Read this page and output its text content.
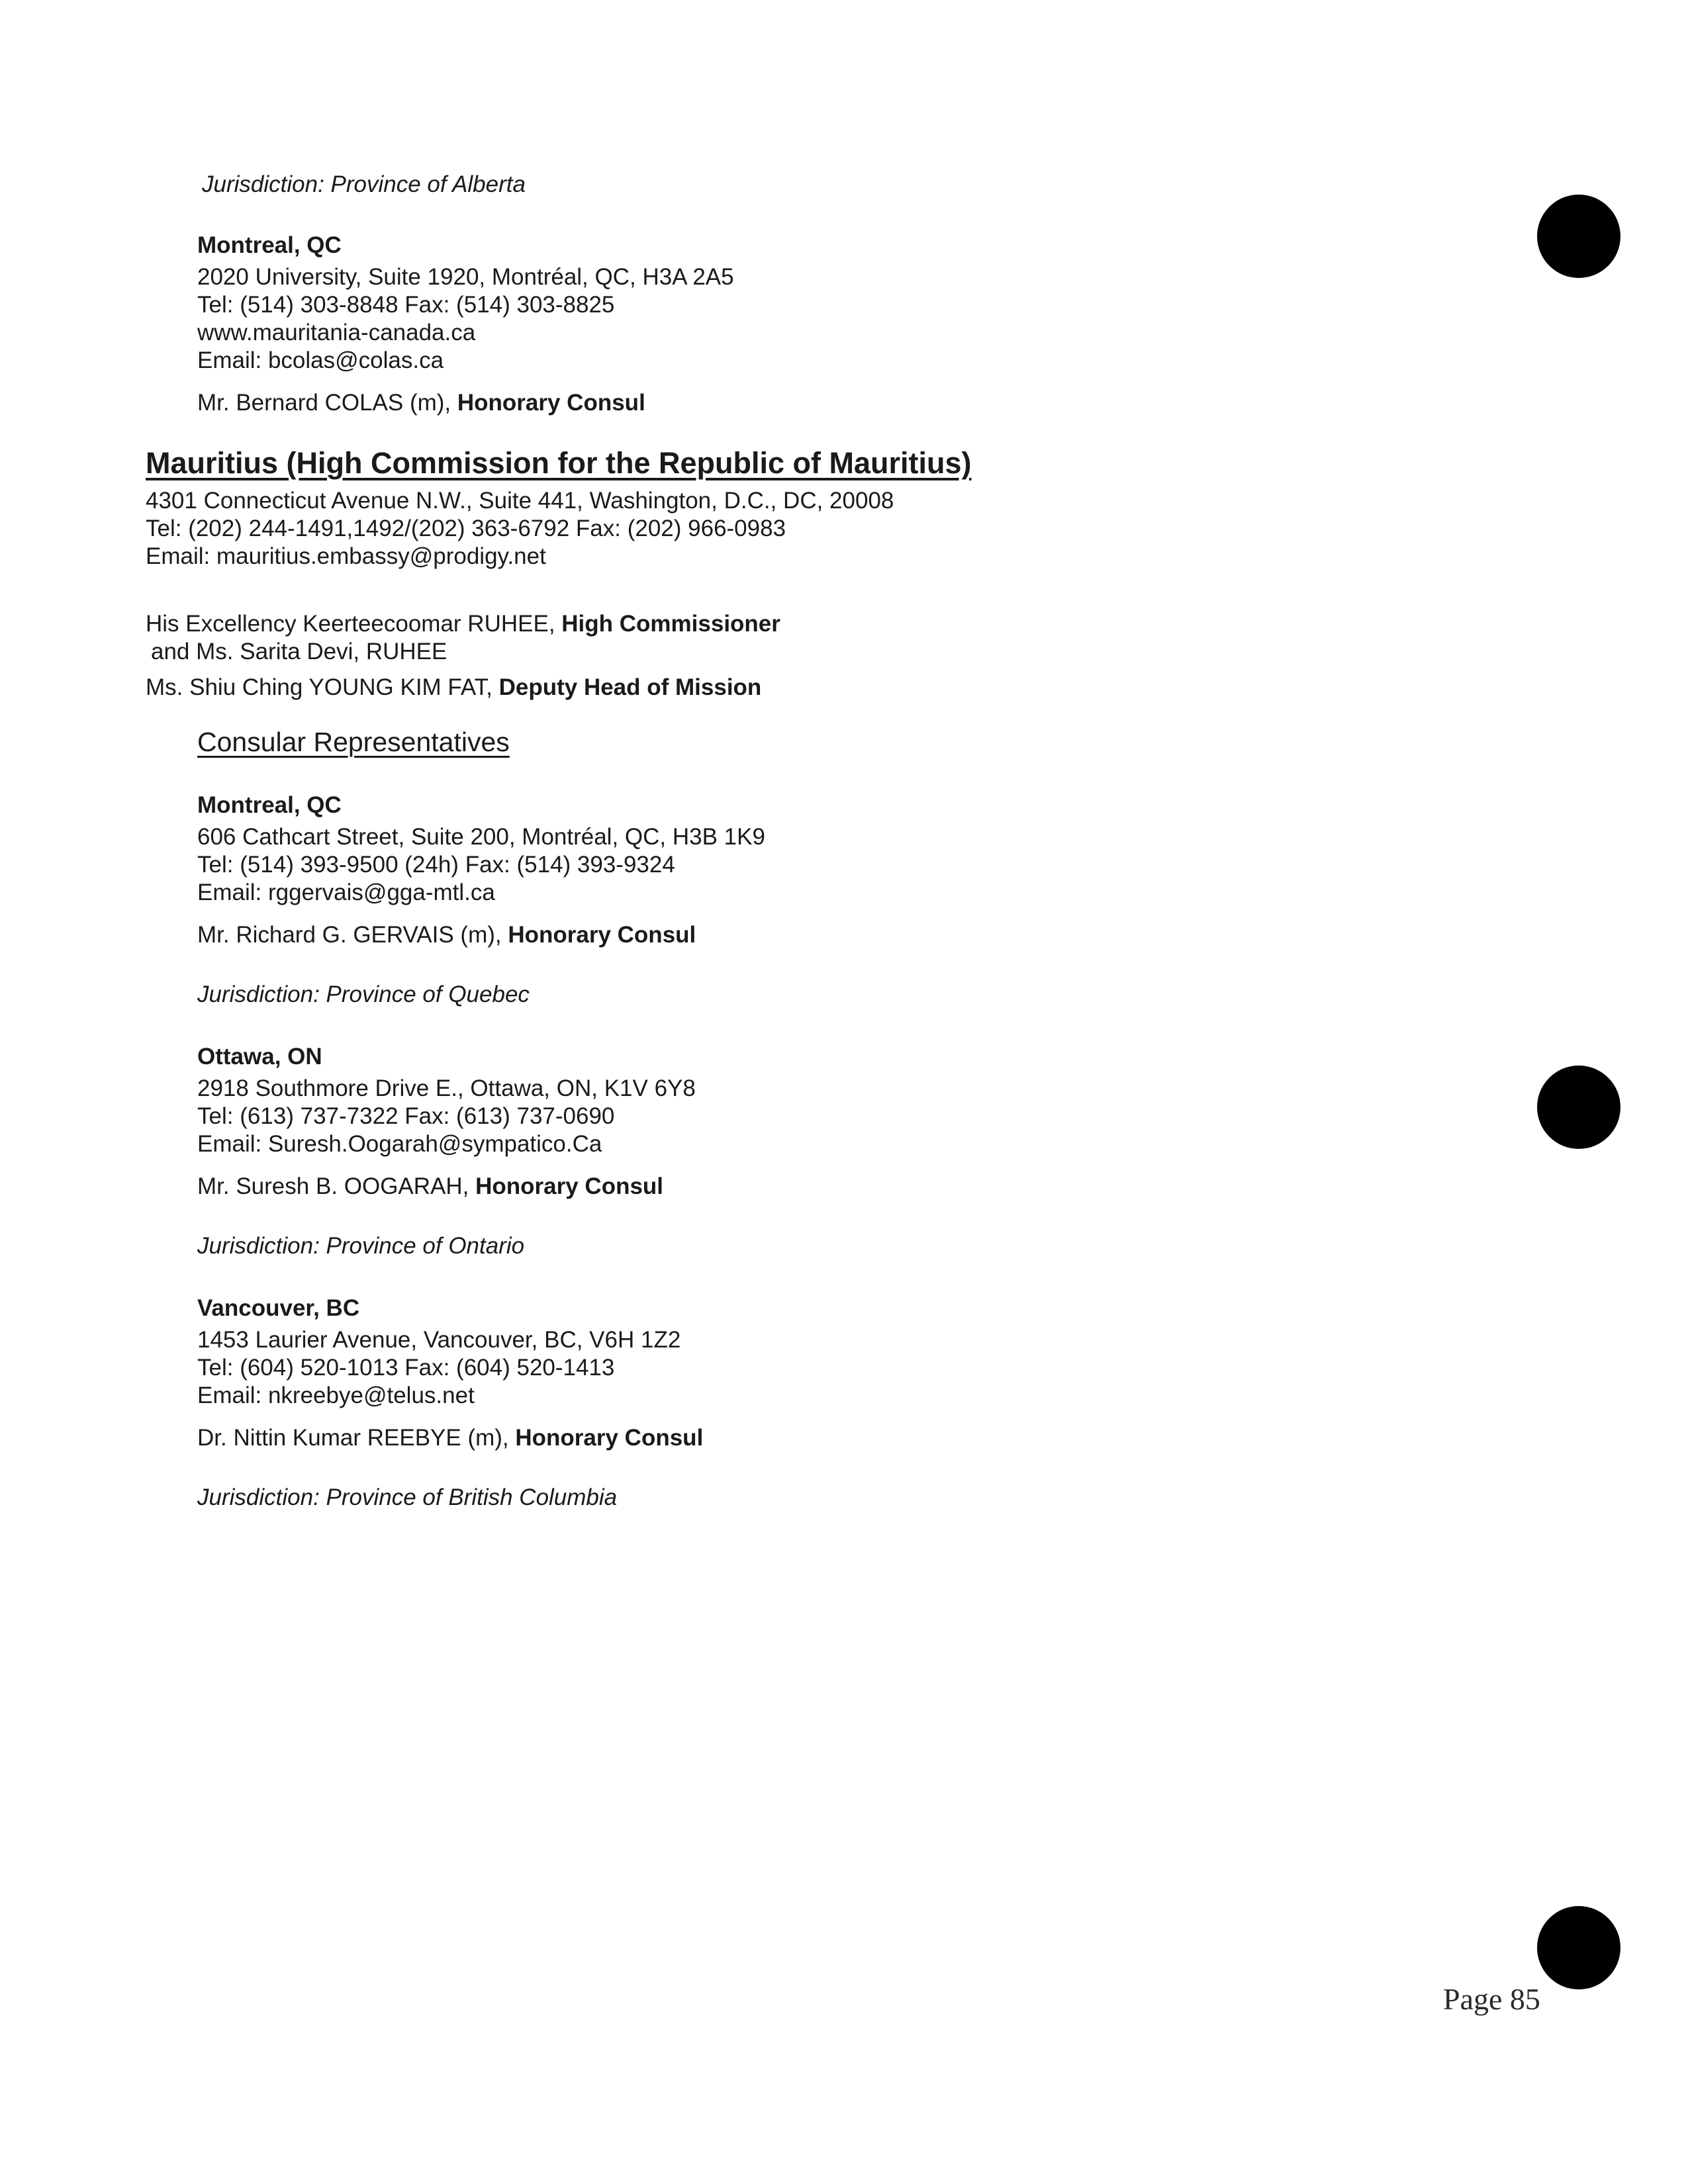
Jurisdiction: Province of Alberta
Montreal, QC
2020 University, Suite 1920, Montréal, QC, H3A 2A5
Tel: (514) 303-8848 Fax: (514) 303-8825
www.mauritania-canada.ca
Email: bcolas@colas.ca
Mr. Bernard COLAS (m), Honorary Consul
Mauritius (High Commission for the Republic of Mauritius)
4301 Connecticut Avenue N.W., Suite 441, Washington, D.C., DC, 20008
Tel: (202) 244-1491,1492/(202) 363-6792 Fax: (202) 966-0983
Email: mauritius.embassy@prodigy.net
His Excellency Keerteecoomar RUHEE, High Commissioner
and Ms. Sarita Devi, RUHEE
Ms. Shiu Ching YOUNG KIM FAT, Deputy Head of Mission
Consular Representatives
Montreal, QC
606 Cathcart Street, Suite 200, Montréal, QC, H3B 1K9
Tel: (514) 393-9500 (24h) Fax: (514) 393-9324
Email: rggervais@gga-mtl.ca
Mr. Richard G. GERVAIS (m), Honorary Consul
Jurisdiction: Province of Quebec
Ottawa, ON
2918 Southmore Drive E., Ottawa, ON, K1V 6Y8
Tel: (613) 737-7322 Fax: (613) 737-0690
Email: Suresh.Oogarah@sympatico.Ca
Mr. Suresh B. OOGARAH, Honorary Consul
Jurisdiction: Province of Ontario
Vancouver, BC
1453 Laurier Avenue, Vancouver, BC, V6H 1Z2
Tel: (604) 520-1013 Fax: (604) 520-1413
Email: nkreebye@telus.net
Dr. Nittin Kumar REEBYE (m), Honorary Consul
Jurisdiction: Province of British Columbia
Page 85
